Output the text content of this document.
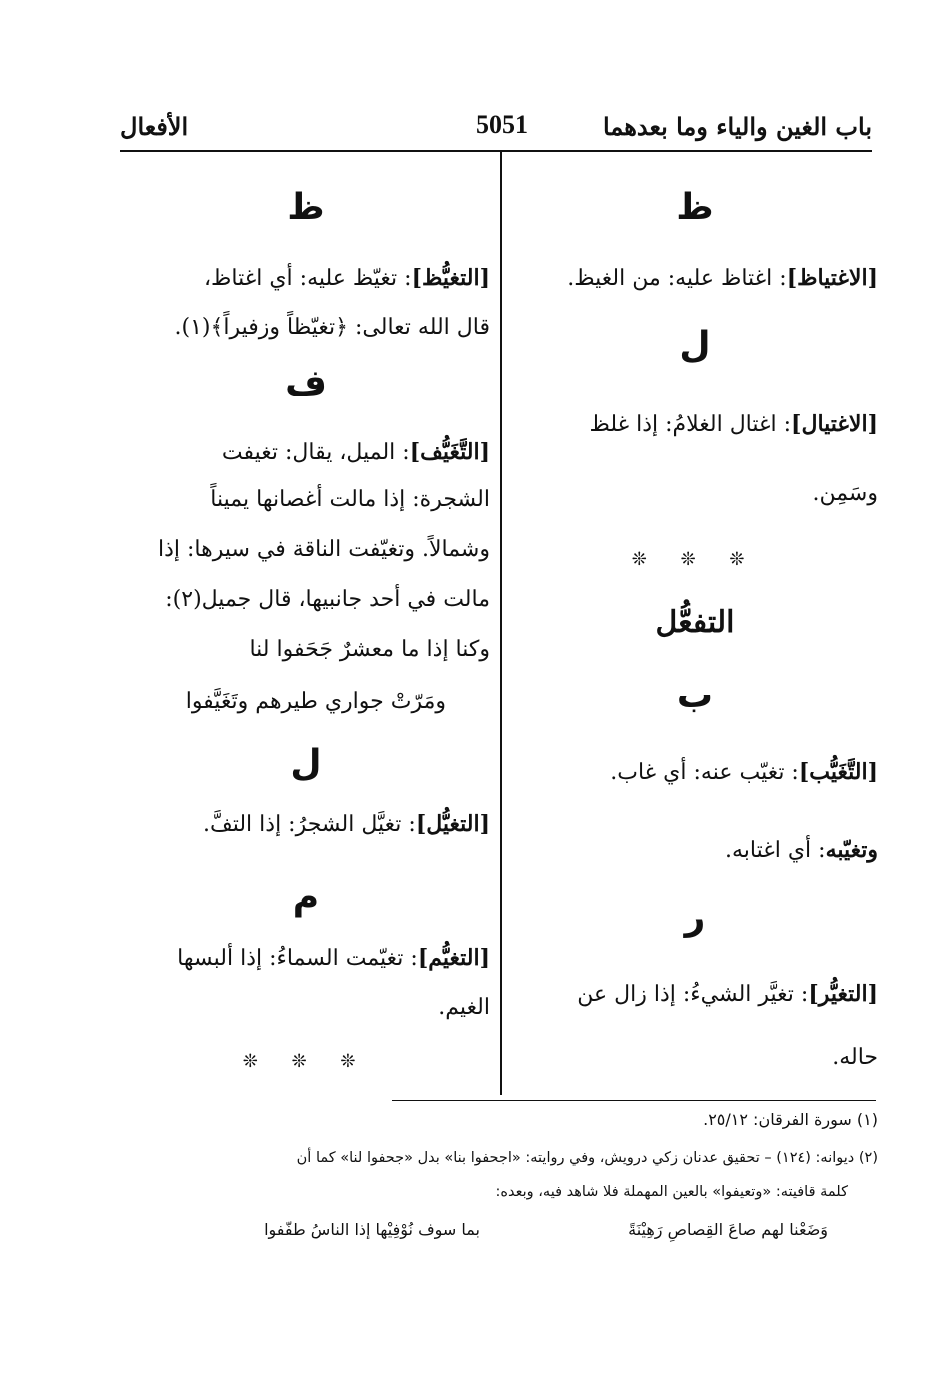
باب الغين والياء وما بعدهما
5051
الأفعال
ظ
[الاغتياظ]: اغتاظ عليه: من الغيظ.
ل
[الاغتيال]: اغتال الغلامُ: إذا غلظ
وسَمِن.
❊ ❊ ❊
التفعُّل
ب
[التَّغَيُّب]: تغيّب عنه: أي غاب.
وتغيّبه: أي اغتابه.
ر
[التغيُّر]: تغيَّر الشيءُ: إذا زال عن
حاله.
ظ
[التغيُّظ]: تغيّظ عليه: أي اغتاظ،
قال الله تعالى: ﴿تغيّظاً وزفيراً﴾(١).
ف
[التَّغَيُّف]: الميل، يقال: تغيفت
الشجرة: إذا مالت أغصانها يميناً
وشمالاً. وتغيّفت الناقة في سيرها: إذا
مالت في أحد جانبيها، قال جميل(٢):
وكنا إذا ما معشرٌ جَحَفوا لنا
ومَرّتْ جواري طيرهم وتَغَيَّفوا
ل
[التغيُّل]: تغيَّل الشجرُ: إذا التفَّ.
م
[التغيُّم]: تغيّمت السماءُ: إذا ألبسها
الغيم.
❊ ❊ ❊
(١) سورة الفرقان: ٢٥/١٢.
(٢) ديوانه: (١٢٤) – تحقيق عدنان زكي درويش، وفي روايته: «اجحفوا بنا» بدل «جحفوا لنا» كما أن
كلمة قافيته: «وتعيفوا» بالعين المهملة فلا شاهد فيه، وبعده:
وَضَعْنا لهم صاعَ القِصاصِ رَهِيْنَةً
بما سوف نُوْفِيْها إذا الناسُ طفّفوا
